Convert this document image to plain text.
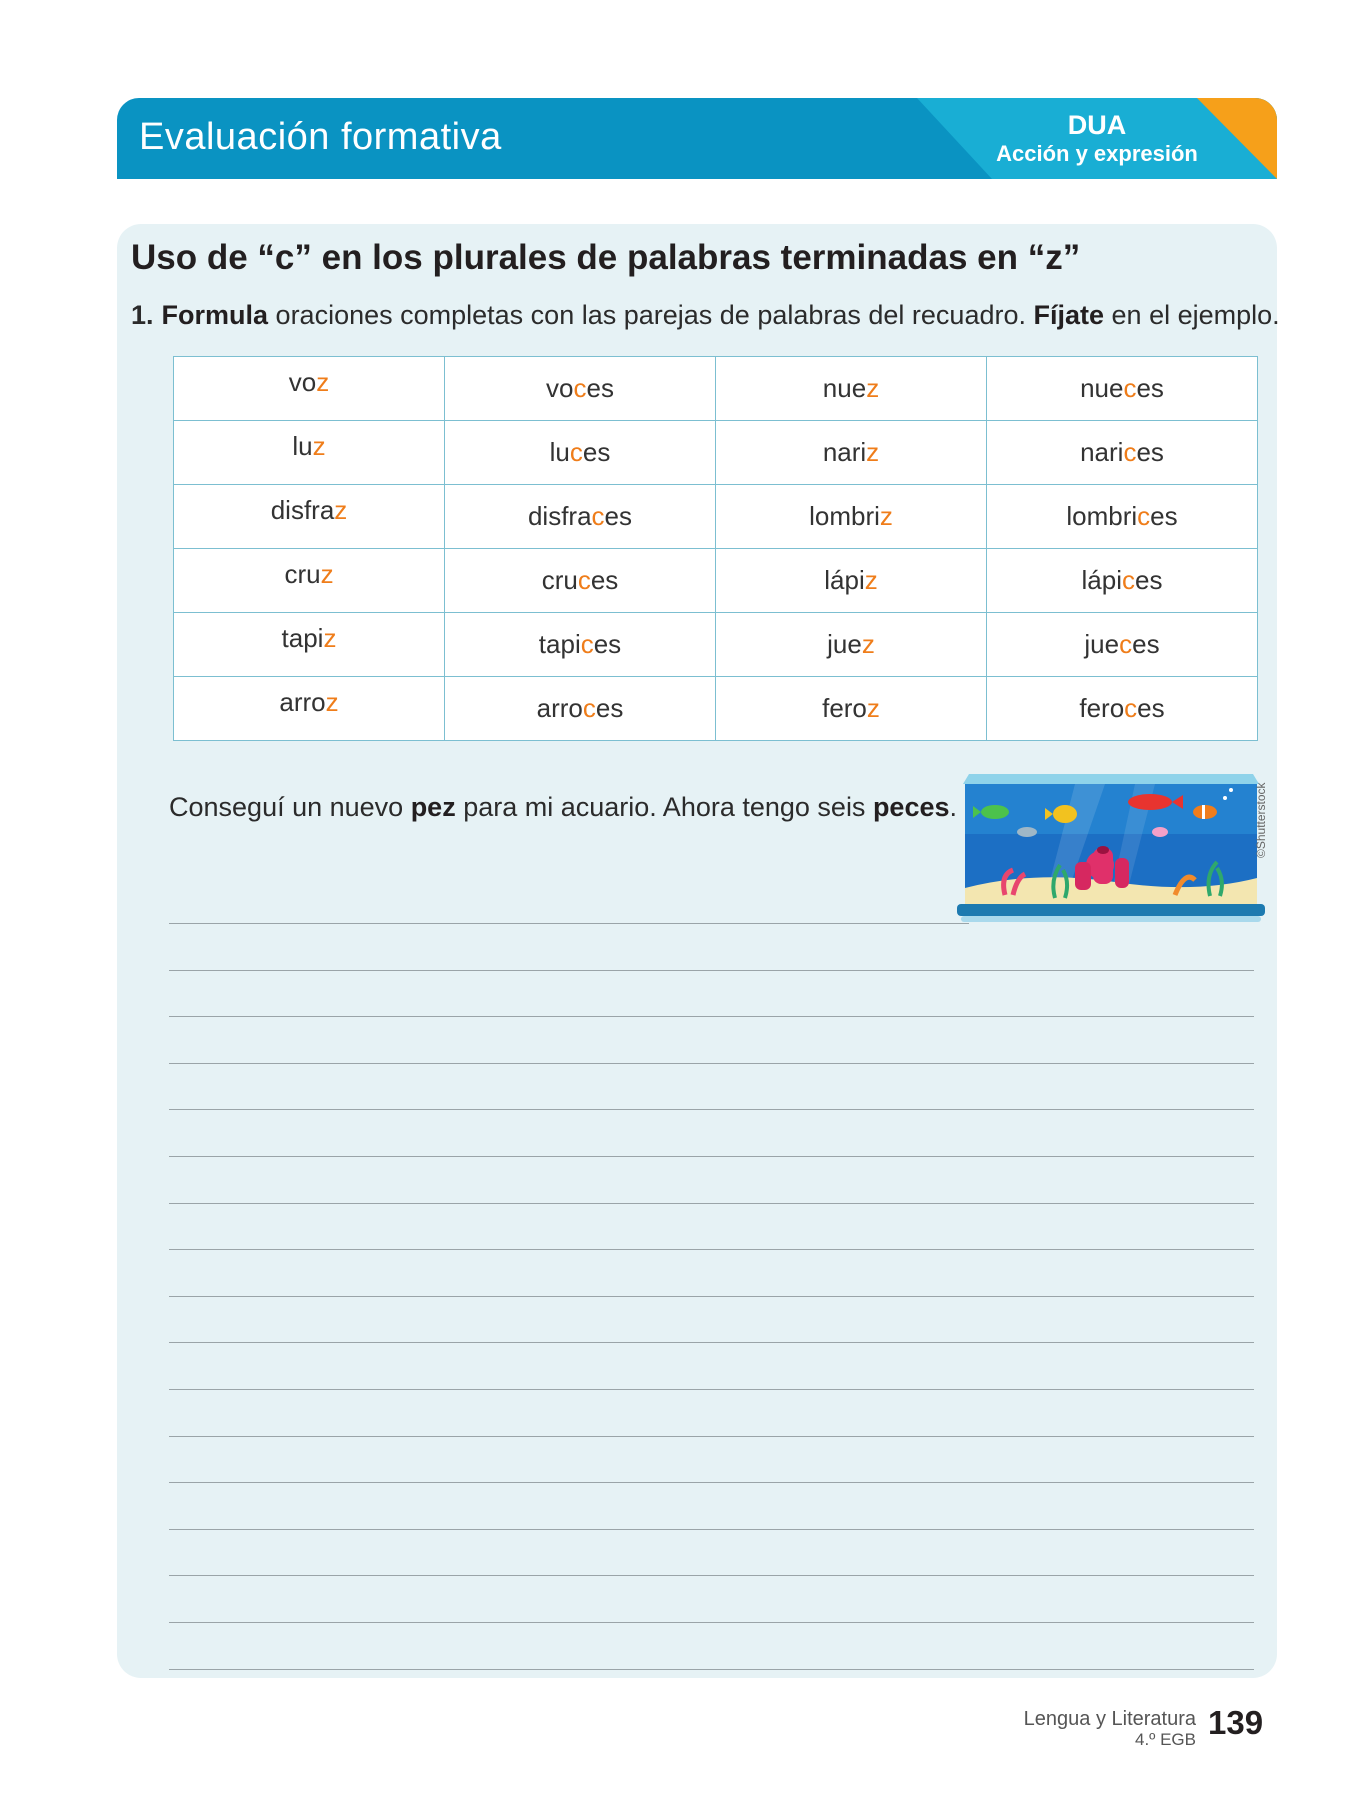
Evaluación formativa	DUA
Acción y expresión
Uso de “c” en los plurales de palabras terminadas en “z”
1. Formula oraciones completas con las parejas de palabras del recuadro. Fíjate en el ejemplo.
voz	voces	nuez	nueces
luz	luces	nariz	narices
disfraz	disfraces	lombriz	lombrices
cruz	cruces	lápiz	lápices
tapiz	tapices	juez	jueces
arroz	arroces	feroz	feroces
Conseguí un nuevo pez para mi acuario. Ahora tengo seis peces.	©Shutterstock
Lengua y Literatura
4.º EGB 139
